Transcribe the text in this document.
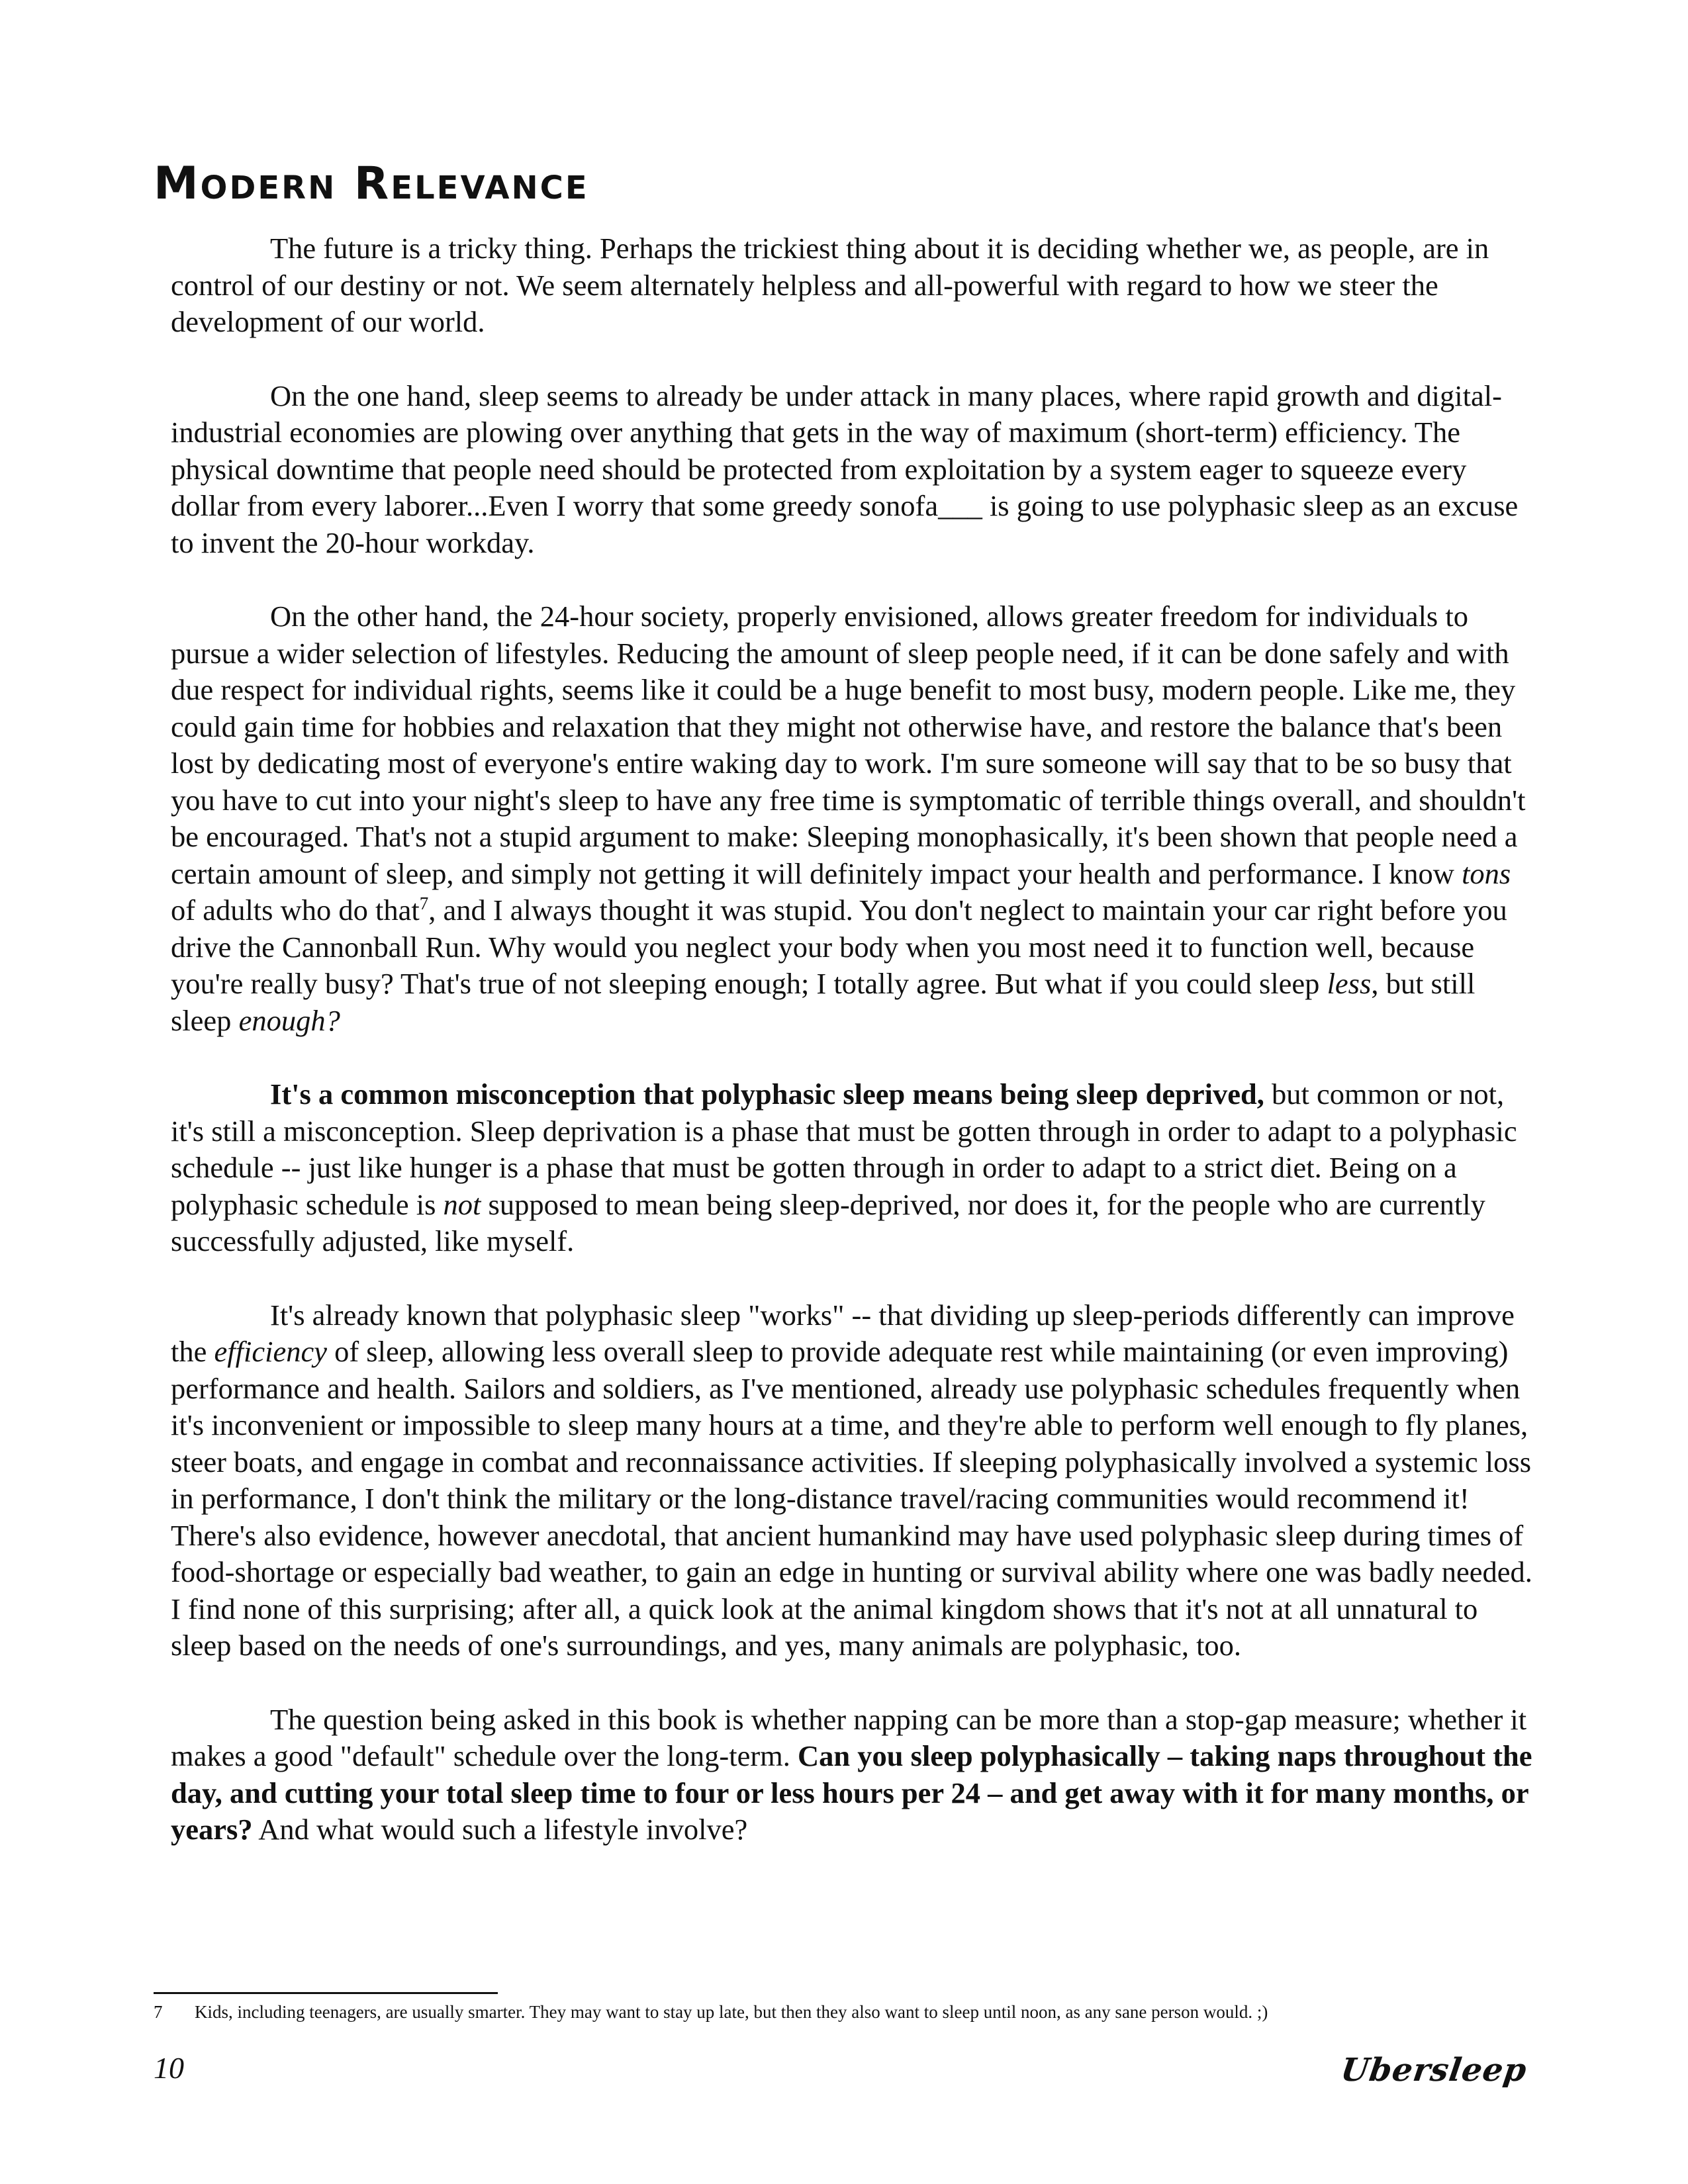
Modern Relevance

The future is a tricky thing. Perhaps the trickiest thing about it is deciding whether we, as people, are in control of our destiny or not. We seem alternately helpless and all-powerful with regard to how we steer the development of our world.

On the one hand, sleep seems to already be under attack in many places, where rapid growth and digital-industrial economies are plowing over anything that gets in the way of maximum (short-term) efficiency. The physical downtime that people need should be protected from exploitation by a system eager to squeeze every dollar from every laborer...Even I worry that some greedy sonofa___ is going to use polyphasic sleep as an excuse to invent the 20-hour workday.

On the other hand, the 24-hour society, properly envisioned, allows greater freedom for individuals to pursue a wider selection of lifestyles. Reducing the amount of sleep people need, if it can be done safely and with due respect for individual rights, seems like it could be a huge benefit to most busy, modern people. Like me, they could gain time for hobbies and relaxation that they might not otherwise have, and restore the balance that's been lost by dedicating most of everyone's entire waking day to work. I'm sure someone will say that to be so busy that you have to cut into your night's sleep to have any free time is symptomatic of terrible things overall, and shouldn't be encouraged. That's not a stupid argument to make: Sleeping monophasically, it's been shown that people need a certain amount of sleep, and simply not getting it will definitely impact your health and performance. I know tons of adults who do that$^7$, and I always thought it was stupid. You don't neglect to maintain your car right before you drive the Cannonball Run. Why would you neglect your body when you most need it to function well, because you're really busy? That's true of not sleeping enough; I totally agree. But what if you could sleep less, but still sleep enough?

It's a common misconception that polyphasic sleep means being sleep deprived, but common or not, it's still a misconception. Sleep deprivation is a phase that must be gotten through in order to adapt to a polyphasic schedule -- just like hunger is a phase that must be gotten through in order to adapt to a strict diet. Being on a polyphasic schedule is not supposed to mean being sleep-deprived, nor does it, for the people who are currently successfully adjusted, like myself.

It's already known that polyphasic sleep "works" -- that dividing up sleep-periods differently can improve the efficiency of sleep, allowing less overall sleep to provide adequate rest while maintaining (or even improving) performance and health. Sailors and soldiers, as I've mentioned, already use polyphasic schedules frequently when it's inconvenient or impossible to sleep many hours at a time, and they're able to perform well enough to fly planes, steer boats, and engage in combat and reconnaissance activities. If sleeping polyphasically involved a systemic loss in performance, I don't think the military or the long-distance travel/racing communities would recommend it! There's also evidence, however anecdotal, that ancient humankind may have used polyphasic sleep during times of food-shortage or especially bad weather, to gain an edge in hunting or survival ability where one was badly needed. I find none of this surprising; after all, a quick look at the animal kingdom shows that it's not at all unnatural to sleep based on the needs of one's surroundings, and yes, many animals are polyphasic, too.

The question being asked in this book is whether napping can be more than a stop-gap measure; whether it makes a good "default" schedule over the long-term. Can you sleep polyphasically – taking naps throughout the day, and cutting your total sleep time to four or less hours per 24 – and get away with it for many months, or years? And what would such a lifestyle involve?

7 Kids, including teenagers, are usually smarter. They may want to stay up late, but then they also want to sleep until noon, as any sane person would. ;)
10	Ubersleep
